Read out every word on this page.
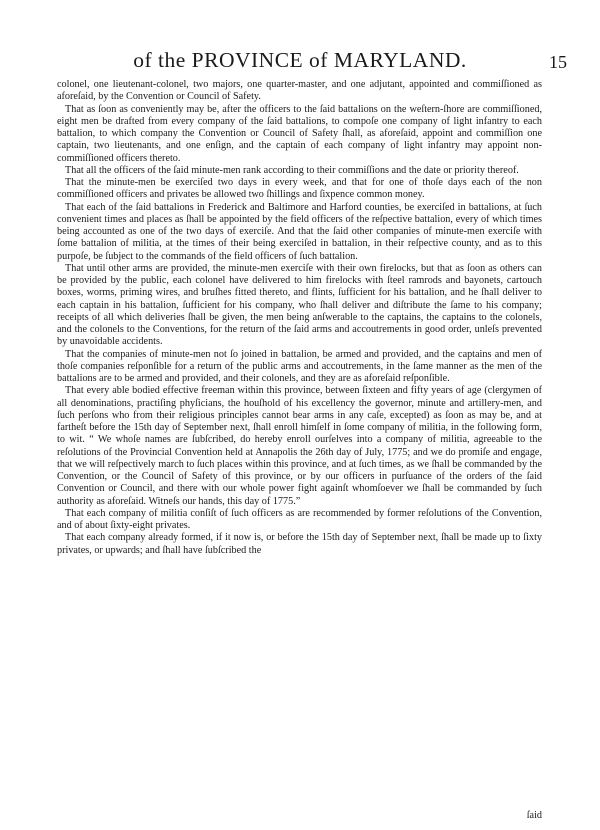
of the PROVINCE of MARYLAND.	15

colonel, one lieutenant-colonel, two majors, one quarter-master, and one adjutant, appointed and commiſſioned as aforeſaid, by the Convention or Council of Safety.

That as ſoon as conveniently may be, after the officers to the ſaid battalions on the weſtern-ſhore are commiſſioned, eight men be drafted from every company of the ſaid battalions, to compoſe one company of light infantry to each battalion, to which company the Convention or Council of Safety ſhall, as aforeſaid, appoint and commiſſion one captain, two lieutenants, and one enſign, and the captain of each company of light infantry may appoint non-commiſſioned officers thereto.

That all the officers of the ſaid minute-men rank according to their commiſſions and the date or priority thereof.

That the minute-men be exerciſed two days in every week, and that for one of thoſe days each of the non commiſſioned officers and privates be allowed two ſhillings and ſixpence common money.

That each of the ſaid battalions in Frederick and Baltimore and Harford counties, be exerciſed in battalions, at ſuch convenient times and places as ſhall be appointed by the field officers of the reſpective battalion, every of which times being accounted as one of the two days of exerciſe. And that the ſaid other companies of minute-men exerciſe with ſome battalion of militia, at the times of their being exerciſed in battalion, in their reſpective county, and as to this purpoſe, be ſubject to the commands of the field officers of ſuch battalion.

That until other arms are provided, the minute-men exerciſe with their own firelocks, but that as ſoon as others can be provided by the public, each colonel have delivered to him firelocks with ſteel ramrods and bayonets, cartouch boxes, worms, priming wires, and bruſhes fitted thereto, and flints, ſufficient for his battalion, and he ſhall deliver to each captain in his battalion, ſufficient for his company, who ſhall deliver and diſtribute the ſame to his company; receipts of all which deliveries ſhall be given, the men being anſwerable to the captains, the captains to the colonels, and the colonels to the Conventions, for the return of the ſaid arms and accoutrements in good order, unleſs prevented by unavoidable accidents.

That the companies of minute-men not ſo joined in battalion, be armed and provided, and the captains and men of thoſe companies reſponſible for a return of the public arms and accoutrements, in the ſame manner as the men of the battalions are to be armed and provided, and their colonels, and they are as aforeſaid reſponſible.

That every able bodied effective freeman within this province, between ſixteen and fifty years of age (clergymen of all denominations, practiſing phyſicians, the houſhold of his excellency the governor, minute and artillery-men, and ſuch perſons who from their religious principles cannot bear arms in any caſe, excepted) as ſoon as may be, and at fartheſt before the 15th day of September next, ſhall enroll himſelf in ſome company of militia, in the following form, to wit. “ We whoſe names are ſubſcribed, do hereby enroll ourſelves into a company of militia, agreeable to the reſolutions of the Provincial Convention held at Annapolis the 26th day of July, 1775; and we do promiſe and engage, that we will reſpectively march to ſuch places within this province, and at ſuch times, as we ſhall be commanded by the Convention, or the Council of Safety of this province, or by our officers in purſuance of the orders of the ſaid Convention or Council, and there with our whole power fight againſt whomſoever we ſhall be commanded by ſuch authority as aforeſaid. Witneſs our hands, this day of 1775.”

That each company of militia conſiſt of ſuch officers as are recommended by former reſolutions of the Convention, and of about ſixty-eight privates.

That each company already formed, if it now is, or before the 15th day of September next, ſhall be made up to ſixty privates, or upwards; and ſhall have ſubſcribed the

ſaid
